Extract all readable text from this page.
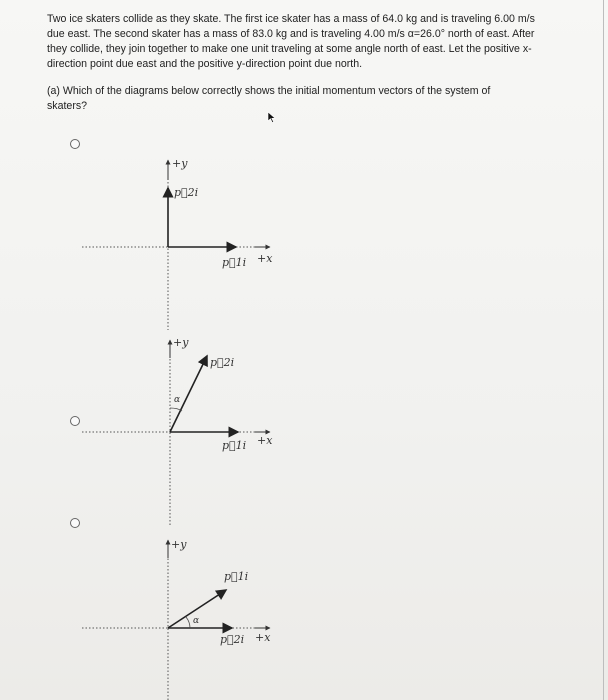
Two ice skaters collide as they skate. The first ice skater has a mass of 64.0 kg and is traveling 6.00 m/s due east. The second skater has a mass of 83.0 kg and is traveling 4.00 m/s α=26.0° north of east. After they collide, they join together to make one unit traveling at some angle north of east. Let the positive x-direction point due east and the positive y-direction point due north.
(a) Which of the diagrams below correctly shows the initial momentum vectors of the system of skaters?
+y
p⃗2i
p⃗1i +x
+y
p⃗2i
α
p⃗1i +x
+y
p⃗1i
α
p⃗2i +x
